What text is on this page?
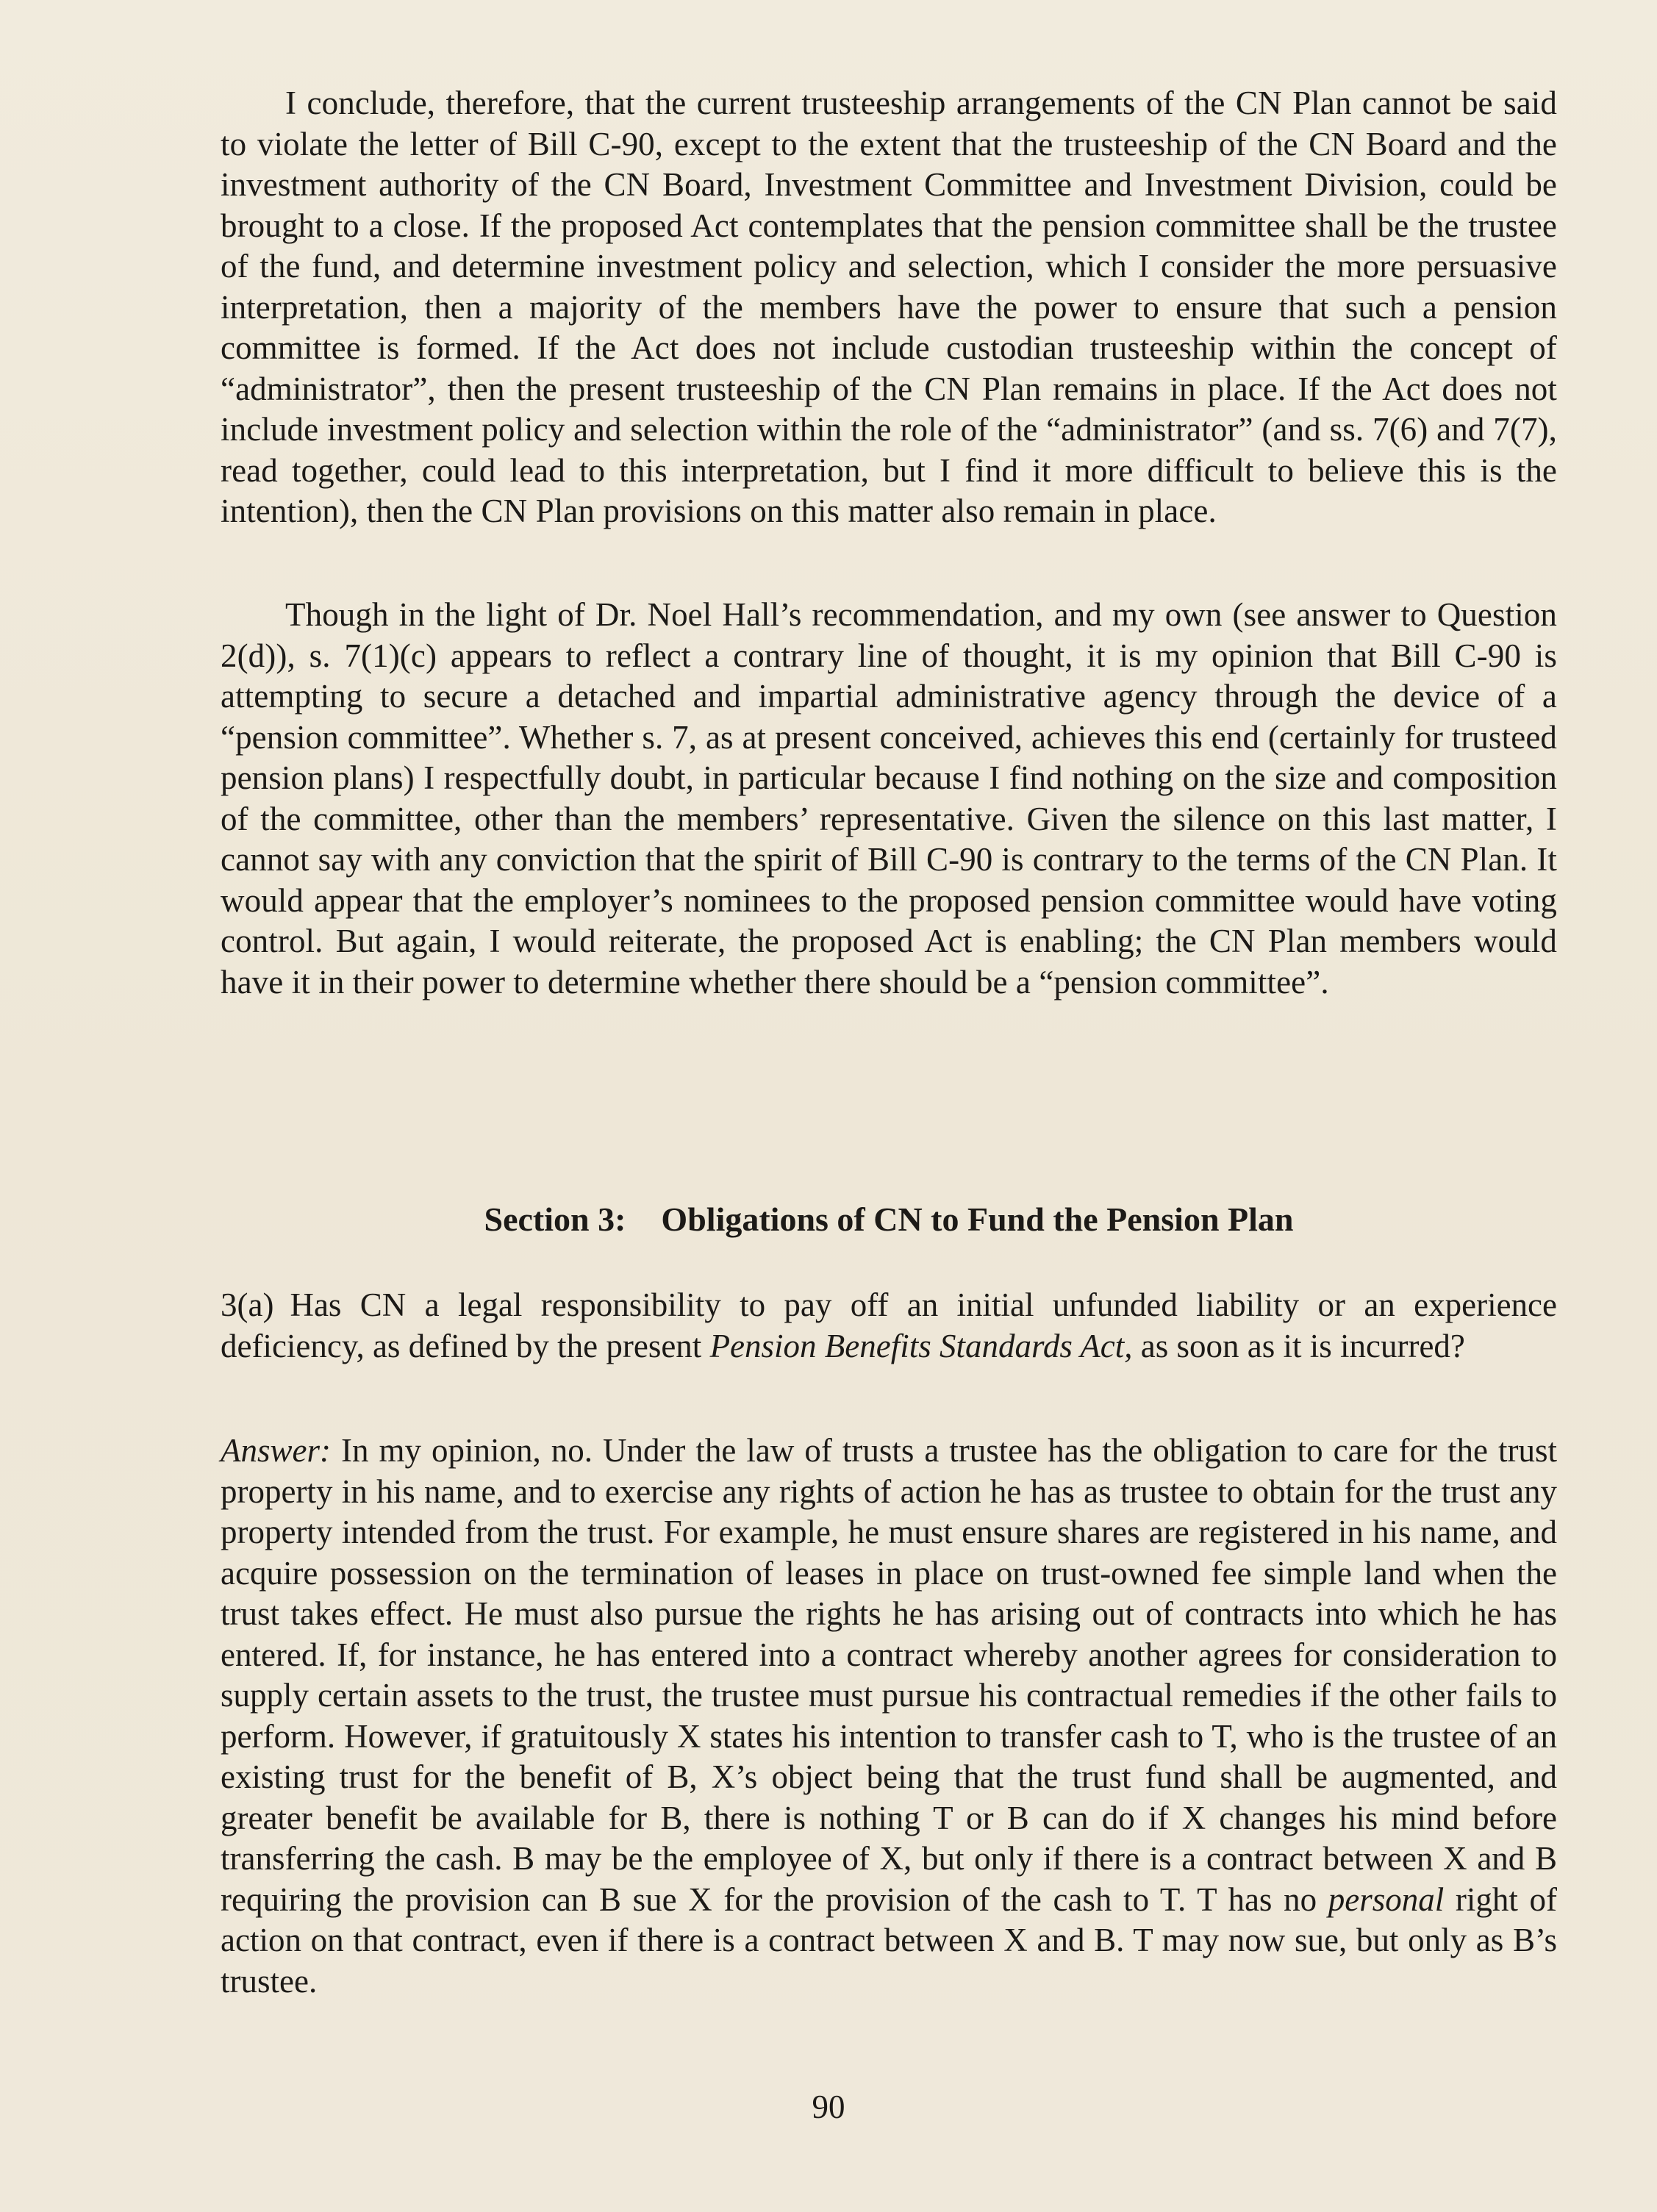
I conclude, therefore, that the current trusteeship arrangements of the CN Plan cannot be said to violate the letter of Bill C-90, except to the extent that the trusteeship of the CN Board and the investment authority of the CN Board, Investment Committee and Investment Division, could be brought to a close. If the proposed Act contemplates that the pension committee shall be the trustee of the fund, and determine investment policy and selection, which I consider the more persuasive interpretation, then a majority of the members have the power to ensure that such a pension committee is formed. If the Act does not include custodian trusteeship within the concept of “administrator”, then the present trusteeship of the CN Plan remains in place. If the Act does not include investment policy and selection within the role of the “administrator” (and ss. 7(6) and 7(7), read together, could lead to this interpretation, but I find it more difficult to believe this is the intention), then the CN Plan provisions on this matter also remain in place.

Though in the light of Dr. Noel Hall’s recommendation, and my own (see answer to Question 2(d)), s. 7(1)(c) appears to reflect a contrary line of thought, it is my opinion that Bill C-90 is attempting to secure a detached and impartial administrative agency through the device of a “pension committee”. Whether s. 7, as at present conceived, achieves this end (certainly for trusteed pension plans) I respectfully doubt, in particular because I find nothing on the size and composition of the committee, other than the members’ representative. Given the silence on this last matter, I cannot say with any conviction that the spirit of Bill C-90 is contrary to the terms of the CN Plan. It would appear that the employer’s nominees to the proposed pension committee would have voting control. But again, I would reiterate, the proposed Act is enabling; the CN Plan members would have it in their power to determine whether there should be a “pension committee”.

Section 3: Obligations of CN to Fund the Pension Plan
3(a) Has CN a legal responsibility to pay off an initial unfunded liability or an experience deficiency, as defined by the present Pension Benefits Standards Act, as soon as it is incurred?
Answer: In my opinion, no. Under the law of trusts a trustee has the obligation to care for the trust property in his name, and to exercise any rights of action he has as trustee to obtain for the trust any property intended from the trust. For example, he must ensure shares are registered in his name, and acquire possession on the termination of leases in place on trust-owned fee simple land when the trust takes effect. He must also pursue the rights he has arising out of contracts into which he has entered. If, for instance, he has entered into a contract whereby another agrees for consideration to supply certain assets to the trust, the trustee must pursue his contractual remedies if the other fails to perform. However, if gratuitously X states his intention to transfer cash to T, who is the trustee of an existing trust for the benefit of B, X’s object being that the trust fund shall be augmented, and greater benefit be available for B, there is nothing T or B can do if X changes his mind before transferring the cash. B may be the employee of X, but only if there is a contract between X and B requiring the provision can B sue X for the provision of the cash to T. T has no personal right of action on that contract, even if there is a contract between X and B. T may now sue, but only as B’s trustee.
90
